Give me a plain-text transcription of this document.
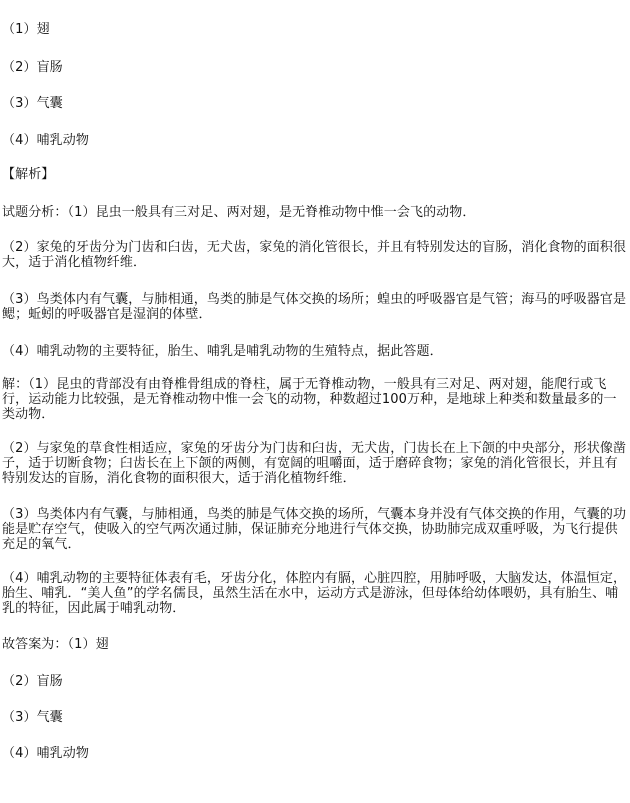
（1）翅

（2）盲肠

（3）气囊

（4）哺乳动物

【解析】

试题分析：（1）昆虫一般具有三对足、两对翅，是无脊椎动物中惟一会飞的动物．

（2）家兔的牙齿分为门齿和臼齿，无犬齿，家兔的消化管很长，并且有特别发达的盲肠，消化食物的面积很大，适于消化植物纤维．

（3）鸟类体内有气囊，与肺相通，鸟类的肺是气体交换的场所；蝗虫的呼吸器官是气管；海马的呼吸器官是鳃；蚯蚓的呼吸器官是湿润的体壁．

（4）哺乳动物的主要特征，胎生、哺乳是哺乳动物的生殖特点，据此答题．

解：（1）昆虫的背部没有由脊椎骨组成的脊柱，属于无脊椎动物，一般具有三对足、两对翅，能爬行或飞行，运动能力比较强，是无脊椎动物中惟一会飞的动物，种数超过100万种，是地球上种类和数量最多的一类动物．

（2）与家兔的草食性相适应，家兔的牙齿分为门齿和臼齿，无犬齿，门齿长在上下颌的中央部分，形状像凿子，适于切断食物；臼齿长在上下颌的两侧，有宽阔的咀嚼面，适于磨碎食物；家兔的消化管很长，并且有特别发达的盲肠，消化食物的面积很大，适于消化植物纤维．

（3）鸟类体内有气囊，与肺相通，鸟类的肺是气体交换的场所，气囊本身并没有气体交换的作用，气囊的功能是贮存空气，使吸入的空气两次通过肺，保证肺充分地进行气体交换，协助肺完成双重呼吸，为飞行提供充足的氧气．

（4）哺乳动物的主要特征体表有毛，牙齿分化，体腔内有膈，心脏四腔，用肺呼吸，大脑发达，体温恒定，胎生、哺乳．“美人鱼”的学名儒艮，虽然生活在水中，运动方式是游泳，但母体给幼体喂奶，具有胎生、哺乳的特征，因此属于哺乳动物．

故答案为：（1）翅

（2）盲肠

（3）气囊

（4）哺乳动物
